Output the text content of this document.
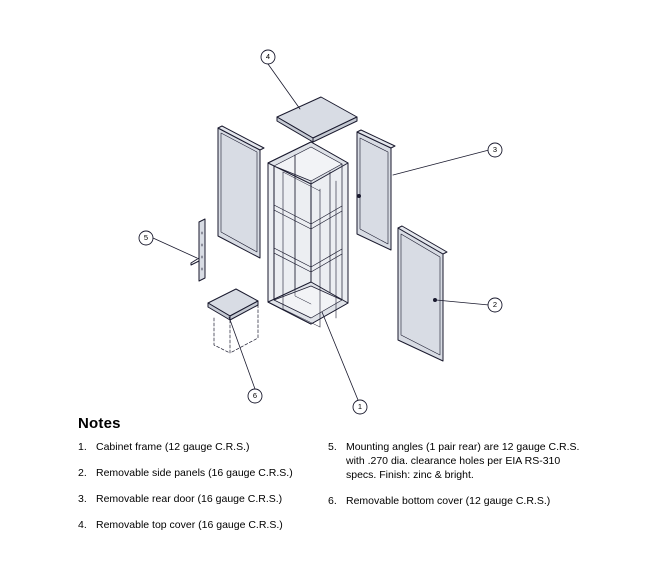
4
3
2
5
6
1
Notes
1. Cabinet frame (12 gauge C.R.S.)
2. Removable side panels (16 gauge C.R.S.)
3. Removable rear door (16 gauge C.R.S.)
4. Removable top cover (16 gauge C.R.S.)
5. Mounting angles (1 pair rear) are 12 gauge C.R.S. with .270 dia. clearance holes per EIA RS-310 specs. Finish: zinc & bright.
6. Removable bottom cover (12 gauge C.R.S.)
